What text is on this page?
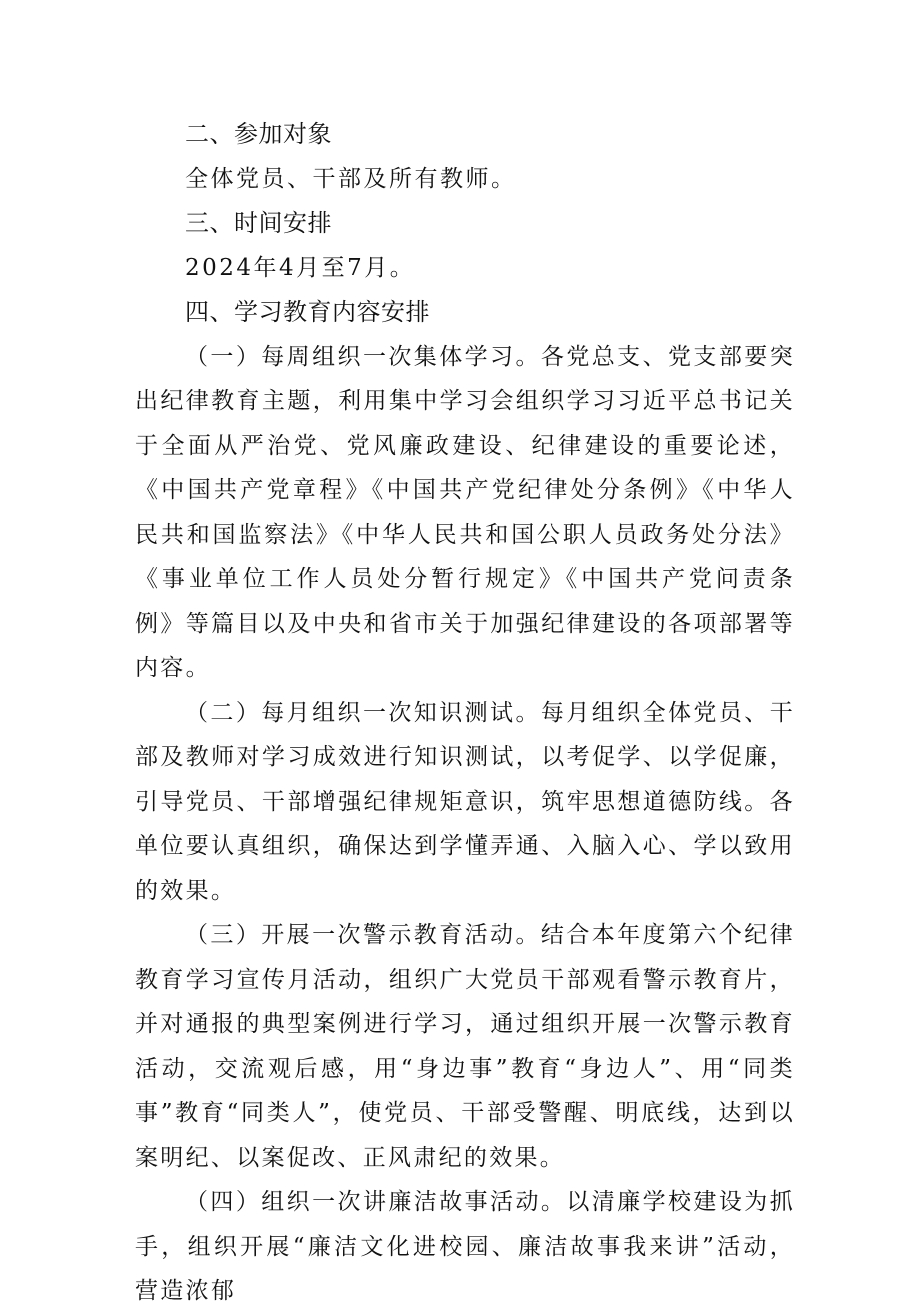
二、参加对象

全体党员、干部及所有教师。

三、时间安排

2024年4月至7月。

四、学习教育内容安排

（一）每周组织一次集体学习。各党总支、党支部要突出纪律教育主题，利用集中学习会组织学习习近平总书记关于全面从严治党、党风廉政建设、纪律建设的重要论述，《中国共产党章程》《中国共产党纪律处分条例》《中华人民共和国监察法》《中华人民共和国公职人员政务处分法》《事业单位工作人员处分暂行规定》《中国共产党问责条例》等篇目以及中央和省市关于加强纪律建设的各项部署等内容。

（二）每月组织一次知识测试。每月组织全体党员、干部及教师对学习成效进行知识测试，以考促学、以学促廉，引导党员、干部增强纪律规矩意识，筑牢思想道德防线。各单位要认真组织，确保达到学懂弄通、入脑入心、学以致用的效果。

（三）开展一次警示教育活动。结合本年度第六个纪律教育学习宣传月活动，组织广大党员干部观看警示教育片，并对通报的典型案例进行学习，通过组织开展一次警示教育活动，交流观后感，用“身边事”教育“身边人”、用“同类事”教育“同类人”，使党员、干部受警醒、明底线，达到以案明纪、以案促改、正风肃纪的效果。

（四）组织一次讲廉洁故事活动。以清廉学校建设为抓手，组织开展“廉洁文化进校园、廉洁故事我来讲”活动，营造浓郁
